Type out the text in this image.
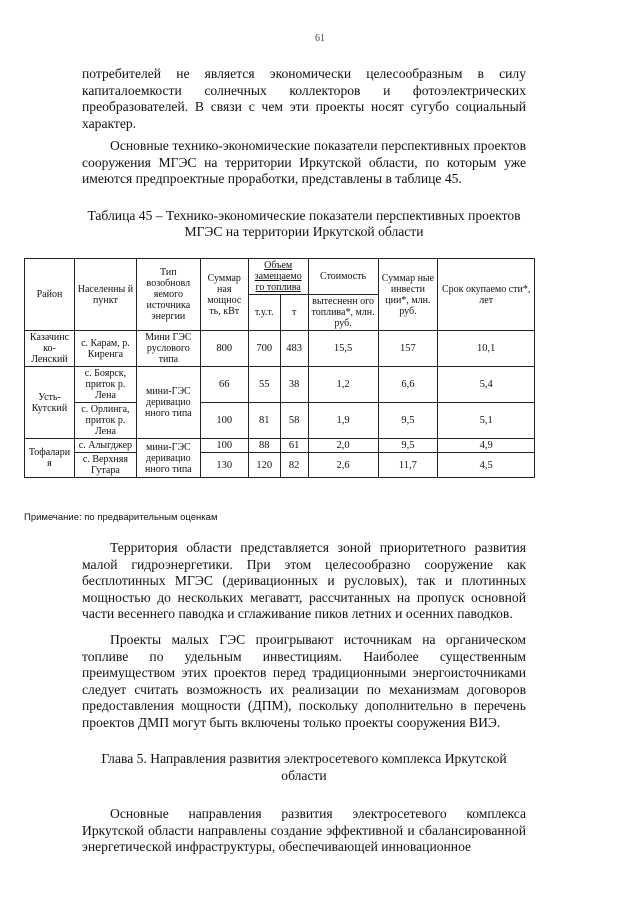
61

потребителей не является экономически целесообразным в силу капиталоемкости солнечных коллекторов и фотоэлектрических преобразователей. В связи с чем эти проекты носят сугубо социальный характер.

Основные технико-экономические показатели перспективных проектов сооружения МГЭС на территории Иркутской области, по которым уже имеются предпроектные проработки, представлены в таблице 45.

Таблица 45 – Технико-экономические показатели перспективных проектов МГЭС на территории Иркутской области

Район	Населенны й пункт	Тип возобновл яемого источника энергии	Суммар ная мощнос ть, кВт	Объем замещаемо го топлива		Стоимость	Суммар ные инвести ции*, млн. руб.	Срок окупаемо сти*, лет
				т.у.т.	т	вытесненн ого топлива*, млн. руб.		
Казачинс ко-Ленский	с. Карам, р. Киренга	Мини ГЭС руслового типа	800	700	483	15,5	157	10,1
Усть-Кутский	с. Боярск, приток р. Лена	мини-ГЭС деривацио нного типа	66	55	38	1,2	6,6	5,4
	с. Орлинга, приток р. Лена		100	81	58	1,9	9,5	5,1
Тофалари я	с. Алыгджер	мини-ГЭС деривацио нного типа	100	88	61	2,0	9,5	4,9
	с. Верхняя Гутара		130	120	82	2,6	11,7	4,5
Примечание: по предварительным оценкам

Территория области представляется зоной приоритетного развития малой гидроэнергетики. При этом целесообразно сооружение как бесплотинных МГЭС (деривационных и русловых), так и плотинных мощностью до нескольких мегаватт, рассчитанных на пропуск основной части весеннего паводка и сглаживание пиков летних и осенних паводков.

Проекты малых ГЭС проигрывают источникам на органическом топливе по удельным инвестициям. Наиболее существенным преимуществом этих проектов перед традиционными энергоисточниками следует считать возможность их реализации по механизмам договоров предоставления мощности (ДПМ), поскольку дополнительно в перечень проектов ДМП могут быть включены только проекты сооружения ВИЭ.

Глава 5. Направления развития электросетевого комплекса Иркутской области

Основные направления развития электросетевого комплекса Иркутской области направлены создание эффективной и сбалансированной энергетической инфраструктуры, обеспечивающей инновационное
